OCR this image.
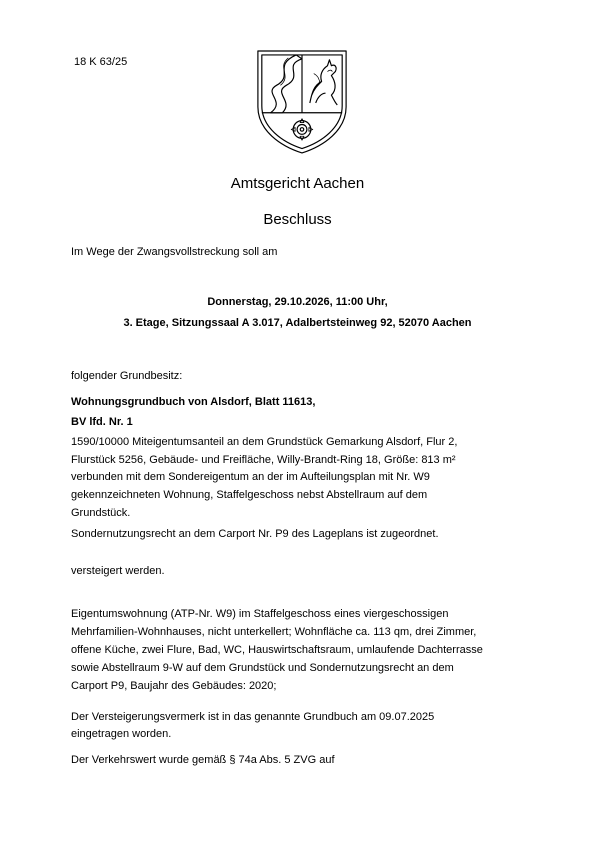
18 K 63/25
Amtsgericht Aachen
Beschluss
Im Wege der Zwangsvollstreckung soll am
Donnerstag, 29.10.2026, 11:00 Uhr,
3. Etage, Sitzungssaal A 3.017, Adalbertsteinweg 92, 52070 Aachen
folgender Grundbesitz:
Wohnungsgrundbuch von Alsdorf, Blatt 11613,
BV lfd. Nr. 1
1590/10000 Miteigentumsanteil an dem Grundstück Gemarkung Alsdorf, Flur 2,
Flurstück 5256, Gebäude- und Freifläche, Willy-Brandt-Ring 18, Größe: 813 m²
verbunden mit dem Sondereigentum an der im Aufteilungsplan mit Nr. W9
gekennzeichneten Wohnung, Staffelgeschoss nebst Abstellraum auf dem
Grundstück.
Sondernutzungsrecht an dem Carport Nr. P9 des Lageplans ist zugeordnet.
versteigert werden.
Eigentumswohnung (ATP-Nr. W9) im Staffelgeschoss eines viergeschossigen
Mehrfamilien-Wohnhauses, nicht unterkellert; Wohnfläche ca. 113 qm, drei Zimmer,
offene Küche, zwei Flure, Bad, WC, Hauswirtschaftsraum, umlaufende Dachterrasse
sowie Abstellraum 9-W auf dem Grundstück und Sondernutzungsrecht an dem
Carport P9, Baujahr des Gebäudes: 2020;
Der Versteigerungsvermerk ist in das genannte Grundbuch am 09.07.2025
eingetragen worden.
Der Verkehrswert wurde gemäß § 74a Abs. 5 ZVG auf
